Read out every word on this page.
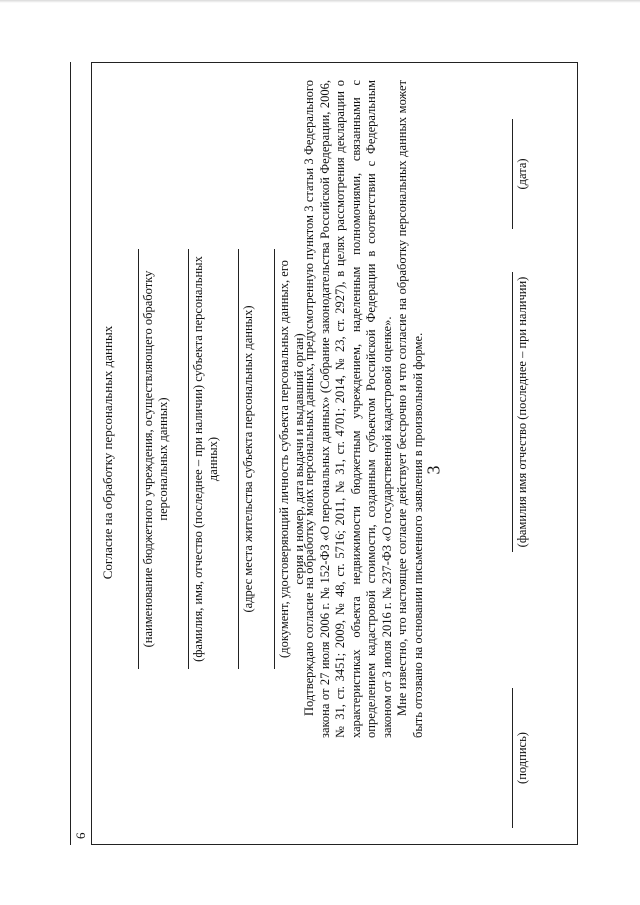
3
6
Согласие на обработку персональных данных (наименование бюджетного учреждения, осуществляющего обработку персональных данных) (фамилия, имя, отчество (последнее – при наличии) субъекта персональных данных) (адрес места жительства субъекта персональных данных) (документ, удостоверяющий личность субъекта персональных данных, его серия и номер, дата выдачи и выдавший орган)

Подтверждаю согласие на обработку моих персональных данных, предусмотренную пунктом 3 статьи 3 Федерального закона от 27 июля 2006 г. № 152-ФЗ «О персональных данных» (Собрание законодательства Российской Федерации, 2006, № 31, ст. 3451; 2009, № 48, ст. 5716; 2011, № 31, ст. 4701; 2014, № 23, ст. 2927), в целях рассмотрения декларации о характеристиках объекта недвижимости бюджетным учреждением, наделенным полномочиями, связанными с определением кадастровой стоимости, созданным субъектом Российской Федерации в соответствии с Федеральным законом от 3 июля 2016 г. № 237-ФЗ «О государственной кадастровой оценке». Мне известно, что настоящее согласие действует бессрочно и что согласие на обработку персональных данных может быть отозвано на основании письменного заявления в произвольной форме.

(подпись)
(фамилия имя отчество (последнее – при наличии)
(дата)
